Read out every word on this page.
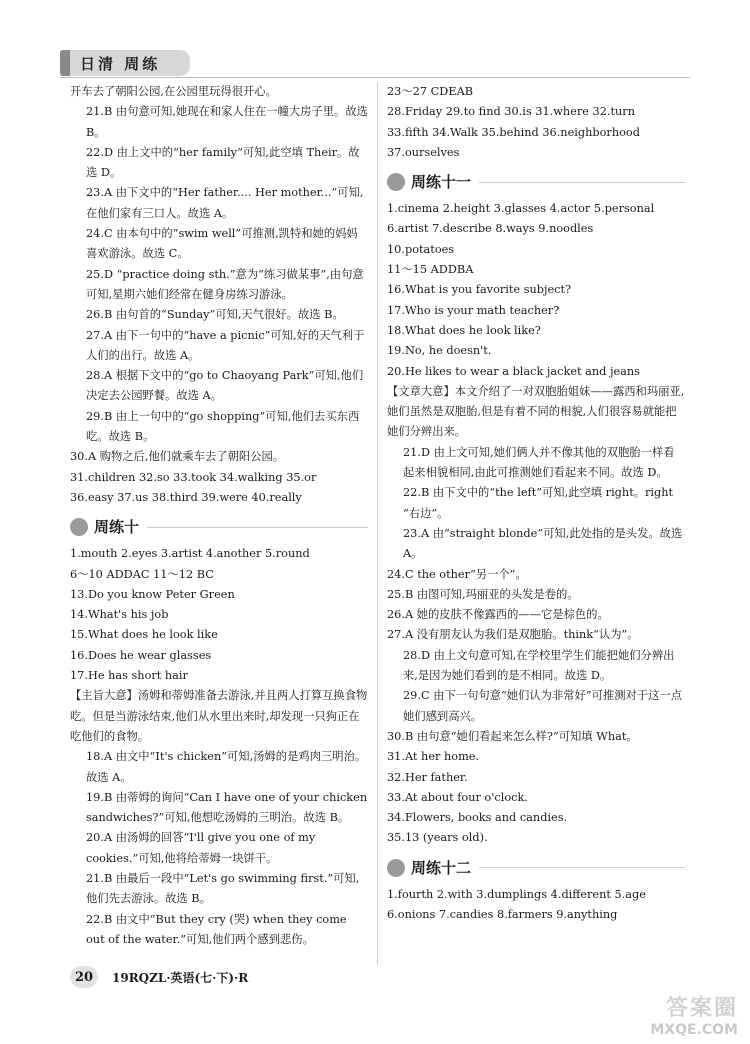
日清 周练
开车去了朝阳公园,在公园里玩得很开心。
21.B 由句意可知,她现在和家人住在一幢大房子里。故选 B。
22.D 由上文中的“her family”可知,此空填 Their。故选 D。
23.A 由下文中的“Her father.... Her mother...”可知,在他们家有三口人。故选 A。
24.C 由本句中的“swim well”可推测,凯特和她的妈妈喜欢游泳。故选 C。
25.D “practice doing sth.”意为“练习做某事”,由句意可知,星期六她们经常在健身房练习游泳。
26.B 由句首的“Sunday”可知,天气很好。故选 B。
27.A 由下一句中的“have a picnic”可知,好的天气利于人们的出行。故选 A。
28.A 根据下文中的“go to Chaoyang Park”可知,他们决定去公园野餐。故选 A。
29.B 由上一句中的“go shopping”可知,他们去买东西吃。故选 B。
30.A 购物之后,他们就乘车去了朝阳公园。
31.children 32.so 33.took 34.walking 35.or
36.easy 37.us 38.third 39.were 40.really
周练十
1.mouth 2.eyes 3.artist 4.another 5.round
6～10 ADDAC 11～12 BC
13.Do you know Peter Green
14.What's his job
15.What does he look like
16.Does he wear glasses
17.He has short hair
【主旨大意】汤姆和蒂姆准备去游泳,并且两人打算互换食物吃。但是当游泳结束,他们从水里出来时,却发现一只狗正在吃他们的食物。
18.A 由文中“It's chicken”可知,汤姆的是鸡肉三明治。故选 A。
19.B 由蒂姆的询问“Can I have one of your chicken sandwiches?”可知,他想吃汤姆的三明治。故选 B。
20.A 由汤姆的回答“I'll give you one of my cookies.”可知,他将给蒂姆一块饼干。
21.B 由最后一段中“Let's go swimming first.”可知,他们先去游泳。故选 B。
22.B 由文中“But they cry (哭) when they come out of the water.”可知,他们两个感到悲伤。
23～27 CDEAB
28.Friday 29.to find 30.is 31.where 32.turn
33.fifth 34.Walk 35.behind 36.neighborhood
37.ourselves
周练十一
1.cinema 2.height 3.glasses 4.actor 5.personal
6.artist 7.describe 8.ways 9.noodles
10.potatoes
11～15 ADDBA
16.What is you favorite subject?
17.Who is your math teacher?
18.What does he look like?
19.No, he doesn't.
20.He likes to wear a black jacket and jeans
【文章大意】本文介绍了一对双胞胎姐妹——露西和玛丽亚,她们虽然是双胞胎,但是有着不同的相貌,人们很容易就能把她们分辨出来。
21.D 由上文可知,她们俩人并不像其他的双胞胎一样看起来相貌相同,由此可推测她们看起来不同。故选 D。
22.B 由下文中的“the left”可知,此空填 right。right “右边”。
23.A 由“straight blonde”可知,此处指的是头发。故选 A。
24.C the other“另一个”。
25.B 由图可知,玛丽亚的头发是卷的。
26.A 她的皮肤不像露西的——它是棕色的。
27.A 没有朋友认为我们是双胞胎。think“认为”。
28.D 由上文句意可知,在学校里学生们能把她们分辨出来,是因为她们看到的是不相同。故选 D。
29.C 由下一句句意“她们认为非常好”可推测对于这一点她们感到高兴。
30.B 由句意“她们看起来怎么样?”可知填 What。
31.At her home.
32.Her father.
33.At about four o'clock.
34.Flowers, books and candies.
35.13 (years old).
周练十二
1.fourth 2.with 3.dumplings 4.different 5.age
6.onions 7.candies 8.farmers 9.anything
20	19RQZL·英语(七·下)·R
答案圈
MXQE.COM
